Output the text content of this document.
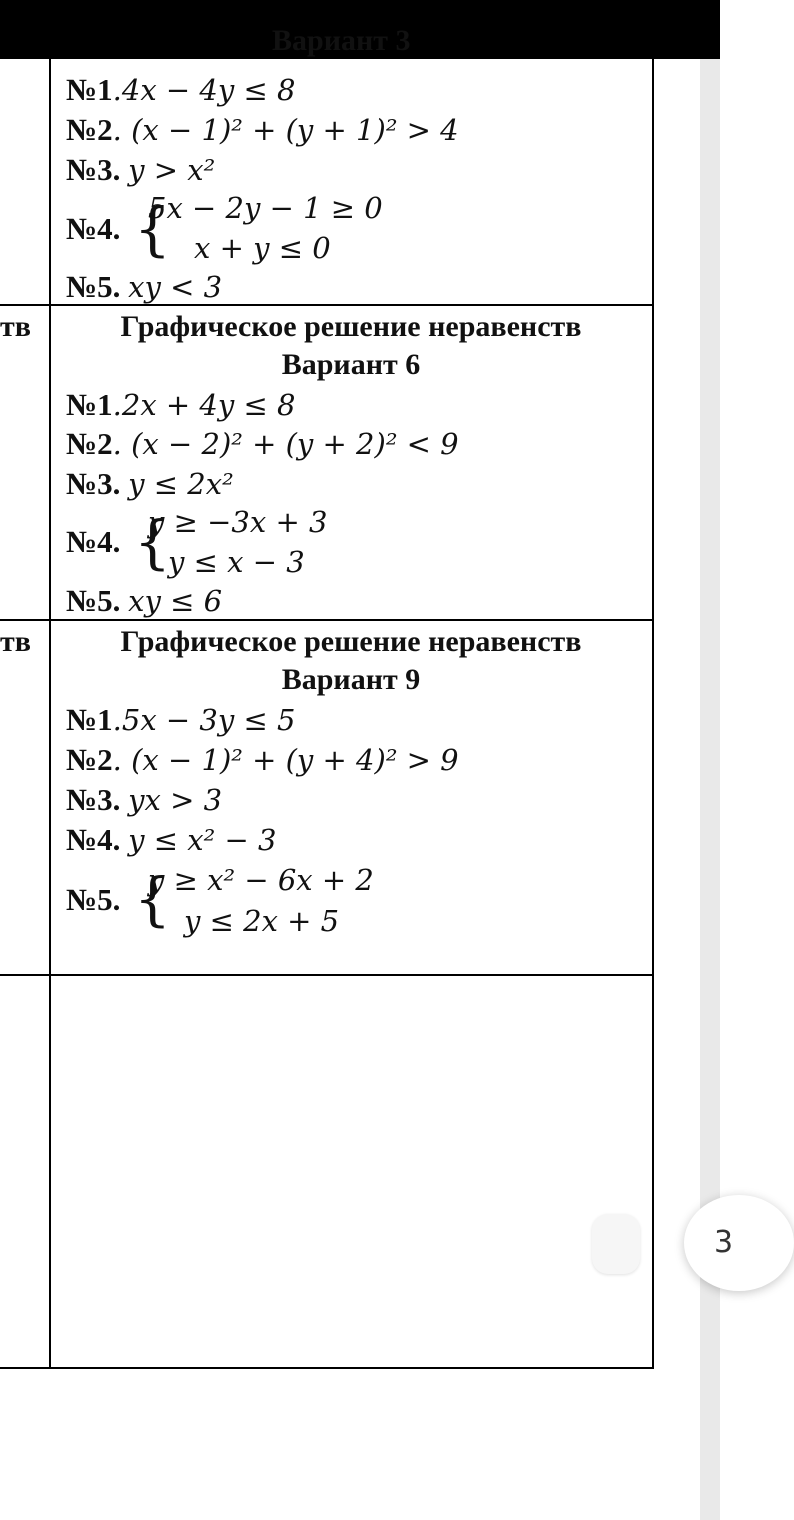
№1.4x − 4y ≤ 8
№2. (x − 1)² + (y + 1)² > 4
№3. y > x²
№4. {
5x − 2y − 1 ≥ 0
x + y ≤ 0
№5. xy < 3
тв	Графическое решение неравенств
Вариант 6
№1.2x + 4y ≤ 8
№2. (x − 2)² + (y + 2)² < 9
№3. y ≤ 2x²
№4. {
y ≥ −3x + 3
y ≤ x − 3
№5. xy ≤ 6
тв	Графическое решение неравенств
Вариант 9
№1.5x − 3y ≤ 5
№2. (x − 1)² + (y + 4)² > 9
№3. yx > 3
№4. y ≤ x² − 3
№5. {
y ≥ x² − 6x + 2
y ≤ 2x + 5
Вариант 3
3
